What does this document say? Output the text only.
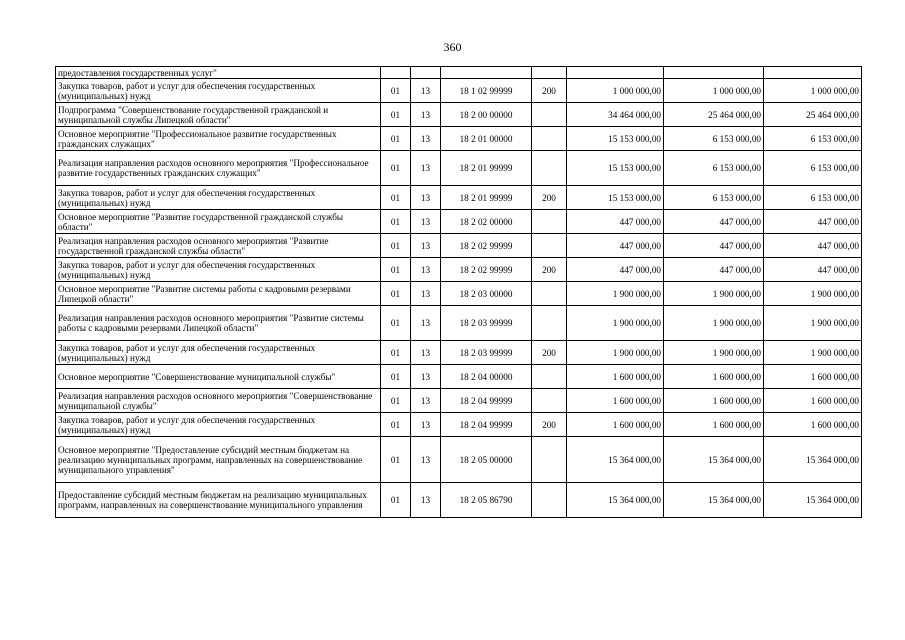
360
предоставления государственных услуг"							
Закупка товаров, работ и услуг для обеспечения государственных (муниципальных) нужд	01	13	18 1 02 99999	200	1 000 000,00	1 000 000,00	1 000 000,00
Подпрограмма "Совершенствование государственной гражданской и муниципальной службы Липецкой области"	01	13	18 2 00 00000		34 464 000,00	25 464 000,00	25 464 000,00
Основное мероприятие "Профессиональное развитие государственных гражданских служащих"	01	13	18 2 01 00000		15 153 000,00	6 153 000,00	6 153 000,00
Реализация направления расходов основного мероприятия "Профессиональное развитие государственных гражданских служащих"	01	13	18 2 01 99999		15 153 000,00	6 153 000,00	6 153 000,00
Закупка товаров, работ и услуг для обеспечения государственных (муниципальных) нужд	01	13	18 2 01 99999	200	15 153 000,00	6 153 000,00	6 153 000,00
Основное мероприятие "Развитие государственной гражданской службы области"	01	13	18 2 02 00000		447 000,00	447 000,00	447 000,00
Реализация направления расходов основного мероприятия "Развитие государственной гражданской службы области"	01	13	18 2 02 99999		447 000,00	447 000,00	447 000,00
Закупка товаров, работ и услуг для обеспечения государственных (муниципальных) нужд	01	13	18 2 02 99999	200	447 000,00	447 000,00	447 000,00
Основное мероприятие "Развитие системы работы с кадровыми резервами Липецкой области"	01	13	18 2 03 00000		1 900 000,00	1 900 000,00	1 900 000,00
Реализация направления расходов основного мероприятия "Развитие системы работы с кадровыми резервами Липецкой области"	01	13	18 2 03 99999		1 900 000,00	1 900 000,00	1 900 000,00
Закупка товаров, работ и услуг для обеспечения государственных (муниципальных) нужд	01	13	18 2 03 99999	200	1 900 000,00	1 900 000,00	1 900 000,00
Основное мероприятие "Совершенствование муниципальной службы"	01	13	18 2 04 00000		1 600 000,00	1 600 000,00	1 600 000,00
Реализация направления расходов основного мероприятия "Совершенствование муниципальной службы"	01	13	18 2 04 99999		1 600 000,00	1 600 000,00	1 600 000,00
Закупка товаров, работ и услуг для обеспечения государственных (муниципальных) нужд	01	13	18 2 04 99999	200	1 600 000,00	1 600 000,00	1 600 000,00
Основное мероприятие "Предоставление субсидий местным бюджетам на реализацию муниципальных программ, направленных на совершенствование муниципального управления"	01	13	18 2 05 00000		15 364 000,00	15 364 000,00	15 364 000,00
Предоставление субсидий местным бюджетам на реализацию муниципальных программ, направленных на совершенствование муниципального управления	01	13	18 2 05 86790		15 364 000,00	15 364 000,00	15 364 000,00
